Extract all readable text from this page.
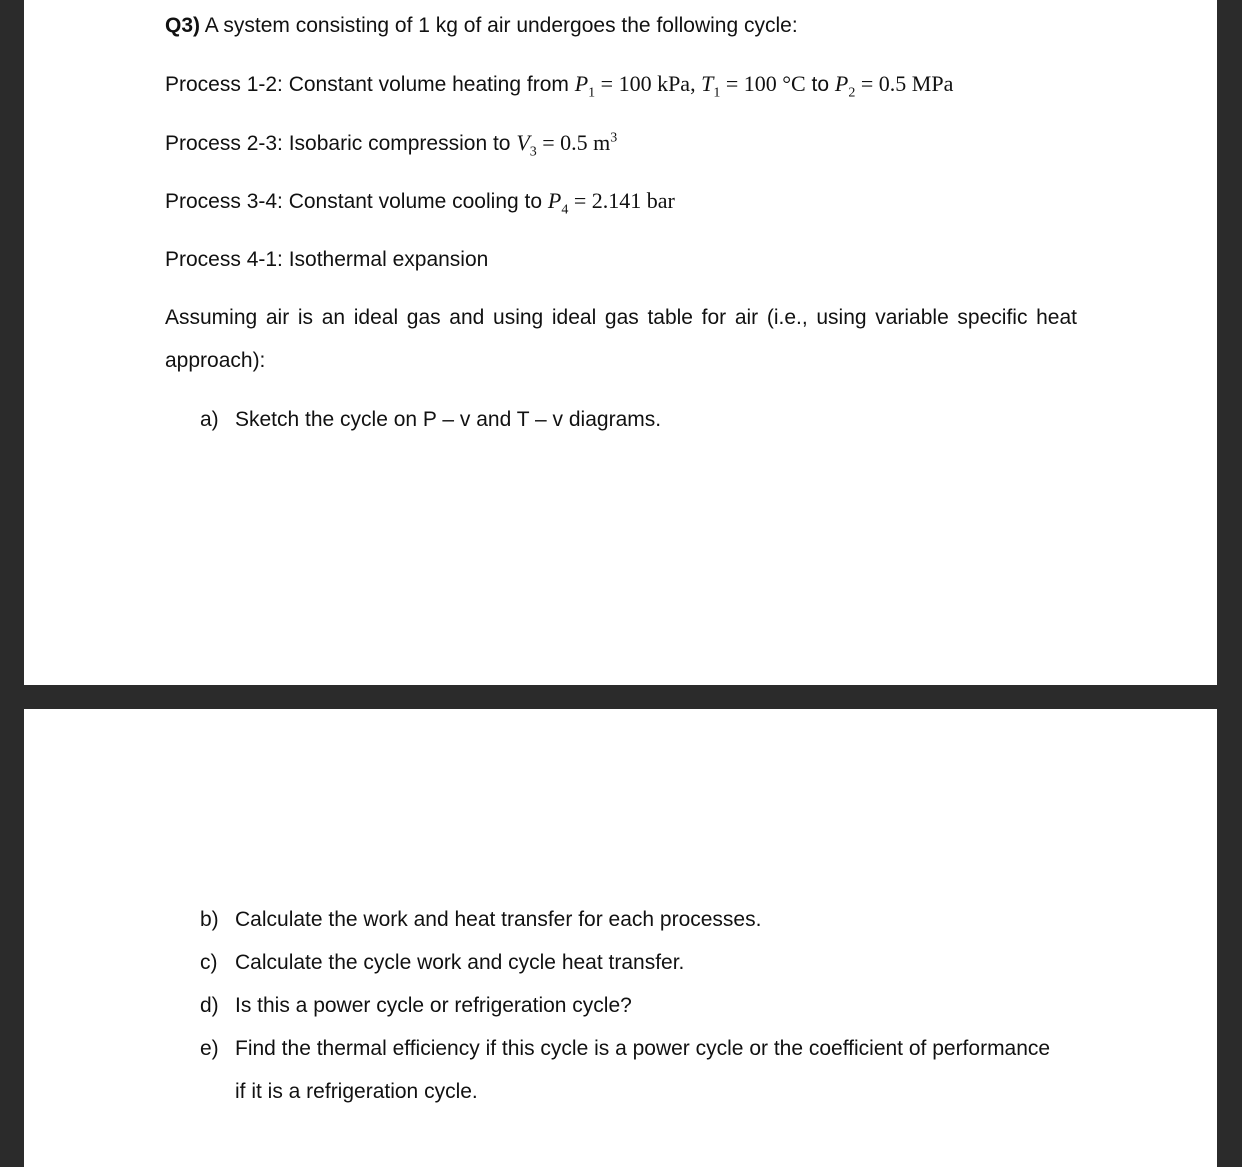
Q3) A system consisting of 1 kg of air undergoes the following cycle:
Process 1-2: Constant volume heating from $P_1 = 100$ kPa, $T_1 = 100$ °C to $P_2 = 0.5$ MPa
Process 2-3: Isobaric compression to $V_3 = 0.5$ $m^3$
Process 3-4: Constant volume cooling to $P_4 = 2.141$ bar
Process 4-1: Isothermal expansion
Assuming air is an ideal gas and using ideal gas table for air (i.e., using variable specific heat
approach):
a) Sketch the cycle on P – v and T – v diagrams.
b) Calculate the work and heat transfer for each processes.
c) Calculate the cycle work and cycle heat transfer.
d) Is this a power cycle or refrigeration cycle?
e) Find the thermal efficiency if this cycle is a power cycle or the coefficient of performance
if it is a refrigeration cycle.
